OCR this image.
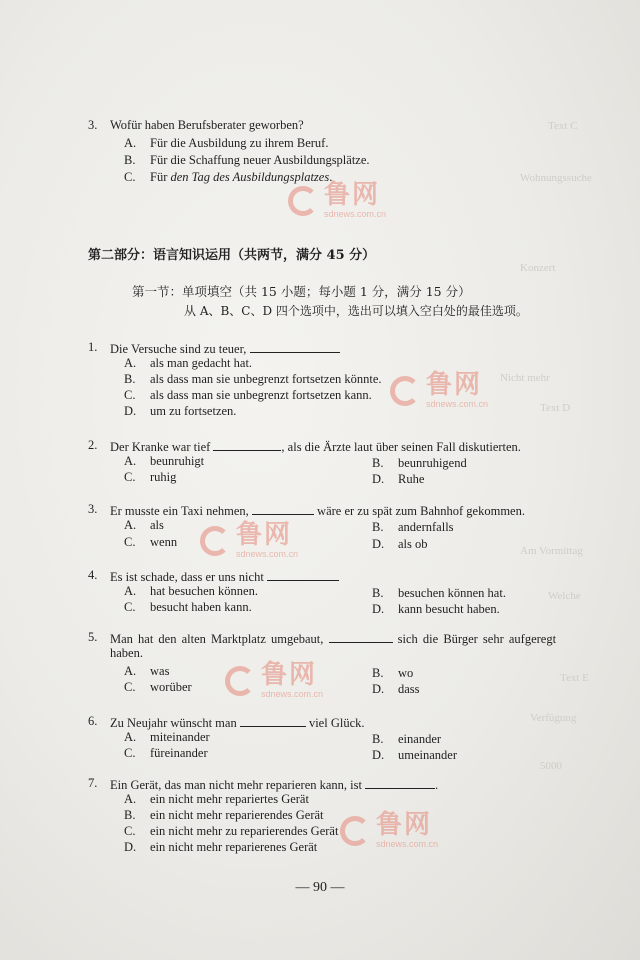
Text C
Wohnungssuche
Konzert
Nicht mehr
Text D
Am Vormittag
Welche
Text E
Verfügung
5000
鲁网
sdnews.com.cn
鲁网
sdnews.com.cn
鲁网
sdnews.com.cn
鲁网
sdnews.com.cn
鲁网
sdnews.com.cn
3. Wofür haben Berufsberater geworben?
A. Für die Ausbildung zu ihrem Beruf.
B. Für die Schaffung neuer Ausbildungsplätze.
C. Für den Tag des Ausbildungsplatzes.
第二部分：语言知识运用（共两节，满分 45 分）
第一节：单项填空（共 15 小题；每小题 1 分，满分 15 分）
从 A、B、C、D 四个选项中，选出可以填入空白处的最佳选项。
1. Die Versuche sind zu teuer,
A. als man gedacht hat.
B. als dass man sie unbegrenzt fortsetzen könnte.
C. als dass man sie unbegrenzt fortsetzen kann.
D. um zu fortsetzen.
2. Der Kranke war tief	, als die Ärzte laut über seinen Fall diskutierten.
A. beunruhigt	B. beunruhigend
C. ruhig	D. Ruhe
3. Er musste ein Taxi nehmen,	wäre er zu spät zum Bahnhof gekommen.
A. als	B. andernfalls
C. wenn	D. als ob
4. Es ist schade, dass er uns nicht
A. hat besuchen können.	B. besuchen können hat.
C. besucht haben kann.	D. kann besucht haben.
5. Man hat den alten Marktplatz umgebaut,	sich die Bürger sehr aufgeregt
haben.
A. was	B. wo
C. worüber	D. dass
6. Zu Neujahr wünscht man	viel Glück.
A. miteinander	B. einander
C. füreinander	D. umeinander
7. Ein Gerät, das man nicht mehr reparieren kann, ist	.
A. ein nicht mehr repariertes Gerät
B. ein nicht mehr reparierendes Gerät
C. ein nicht mehr zu reparierendes Gerät
D. ein nicht mehr reparierenes Gerät
— 90 —
